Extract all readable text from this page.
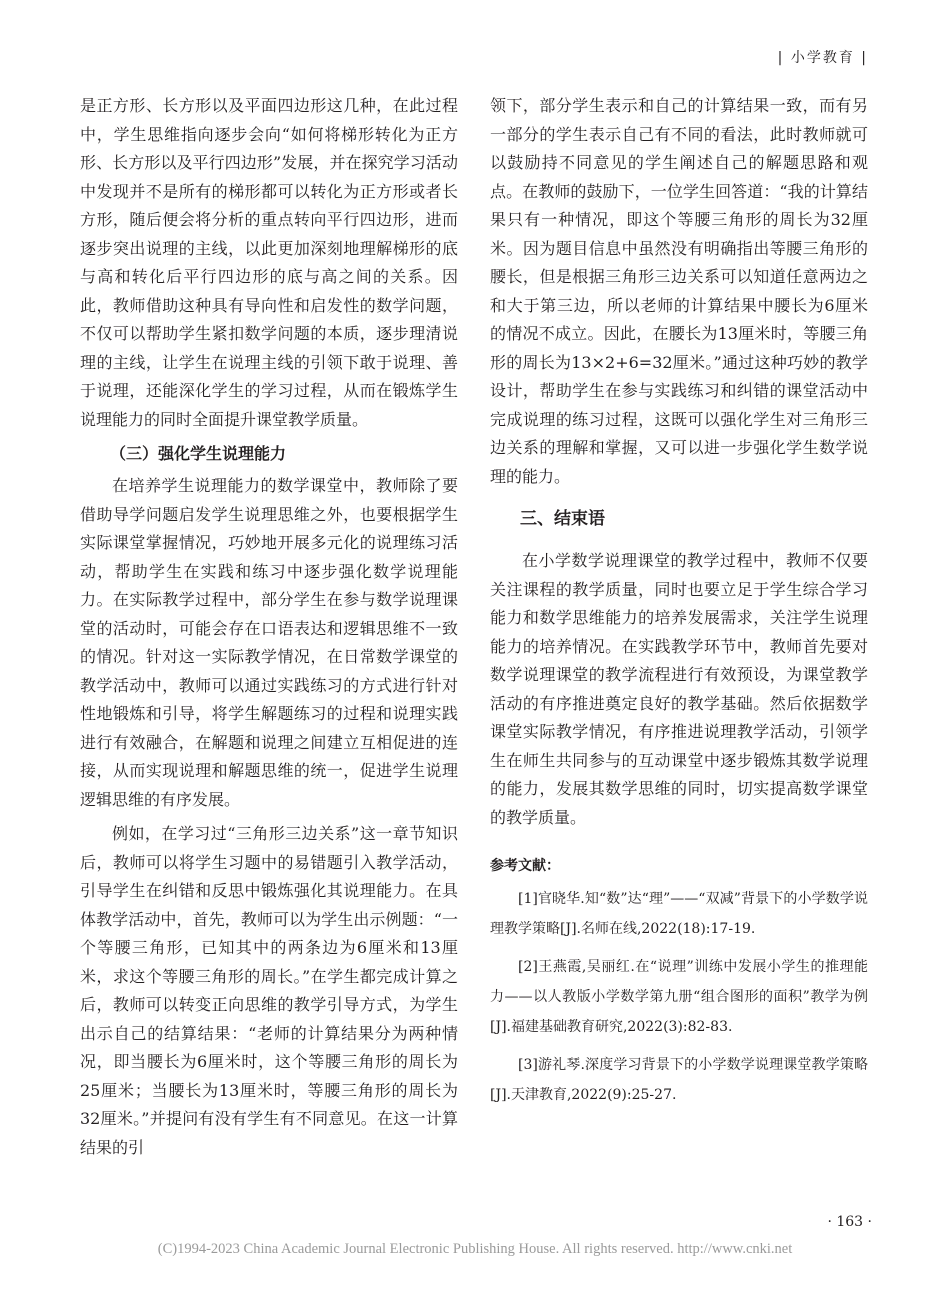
| 小学教育 |

是正方形、长方形以及平面四边形这几种，在此过程中，学生思维指向逐步会向“如何将梯形转化为正方形、长方形以及平行四边形”发展，并在探究学习活动中发现并不是所有的梯形都可以转化为正方形或者长方形，随后便会将分析的重点转向平行四边形，进而逐步突出说理的主线，以此更加深刻地理解梯形的底与高和转化后平行四边形的底与高之间的关系。因此，教师借助这种具有导向性和启发性的数学问题，不仅可以帮助学生紧扣数学问题的本质，逐步理清说理的主线，让学生在说理主线的引领下敢于说理、善于说理，还能深化学生的学习过程，从而在锻炼学生说理能力的同时全面提升课堂教学质量。

（三）强化学生说理能力

在培养学生说理能力的数学课堂中，教师除了要借助导学问题启发学生说理思维之外，也要根据学生实际课堂掌握情况，巧妙地开展多元化的说理练习活动，帮助学生在实践和练习中逐步强化数学说理能力。在实际教学过程中，部分学生在参与数学说理课堂的活动时，可能会存在口语表达和逻辑思维不一致的情况。针对这一实际教学情况，在日常数学课堂的教学活动中，教师可以通过实践练习的方式进行针对性地锻炼和引导，将学生解题练习的过程和说理实践进行有效融合，在解题和说理之间建立互相促进的连接，从而实现说理和解题思维的统一，促进学生说理逻辑思维的有序发展。

例如，在学习过“三角形三边关系”这一章节知识后，教师可以将学生习题中的易错题引入教学活动，引导学生在纠错和反思中锻炼强化其说理能力。在具体教学活动中，首先，教师可以为学生出示例题：“一个等腰三角形，已知其中的两条边为6厘米和13厘米，求这个等腰三角形的周长。”在学生都完成计算之后，教师可以转变正向思维的教学引导方式，为学生出示自己的结算结果：“老师的计算结果分为两种情况，即当腰长为6厘米时，这个等腰三角形的周长为25厘米；当腰长为13厘米时，等腰三角形的周长为32厘米。”并提问有没有学生有不同意见。在这一计算结果的引

领下，部分学生表示和自己的计算结果一致，而有另一部分的学生表示自己有不同的看法，此时教师就可以鼓励持不同意见的学生阐述自己的解题思路和观点。在教师的鼓励下，一位学生回答道：“我的计算结果只有一种情况，即这个等腰三角形的周长为32厘米。因为题目信息中虽然没有明确指出等腰三角形的腰长，但是根据三角形三边关系可以知道任意两边之和大于第三边，所以老师的计算结果中腰长为6厘米的情况不成立。因此，在腰长为13厘米时，等腰三角形的周长为13×2+6=32厘米。”通过这种巧妙的教学设计，帮助学生在参与实践练习和纠错的课堂活动中完成说理的练习过程，这既可以强化学生对三角形三边关系的理解和掌握，又可以进一步强化学生数学说理的能力。

三、结束语

在小学数学说理课堂的教学过程中，教师不仅要关注课程的教学质量，同时也要立足于学生综合学习能力和数学思维能力的培养发展需求，关注学生说理能力的培养情况。在实践教学环节中，教师首先要对数学说理课堂的教学流程进行有效预设，为课堂教学活动的有序推进奠定良好的教学基础。然后依据数学课堂实际教学情况，有序推进说理教学活动，引领学生在师生共同参与的互动课堂中逐步锻炼其数学说理的能力，发展其数学思维的同时，切实提高数学课堂的教学质量。

参考文献：

[1]官晓华.知“数”达“理”——“双减”背景下的小学数学说理教学策略[J].名师在线,2022(18):17-19.

[2]王燕霞,吴丽红.在“说理”训练中发展小学生的推理能力——以人教版小学数学第九册“组合图形的面积”教学为例[J].福建基础教育研究,2022(3):82-83.

[3]游礼琴.深度学习背景下的小学数学说理课堂教学策略[J].天津教育,2022(9):25-27.

· 163 ·
(C)1994-2023 China Academic Journal Electronic Publishing House. All rights reserved. http://www.cnki.net
